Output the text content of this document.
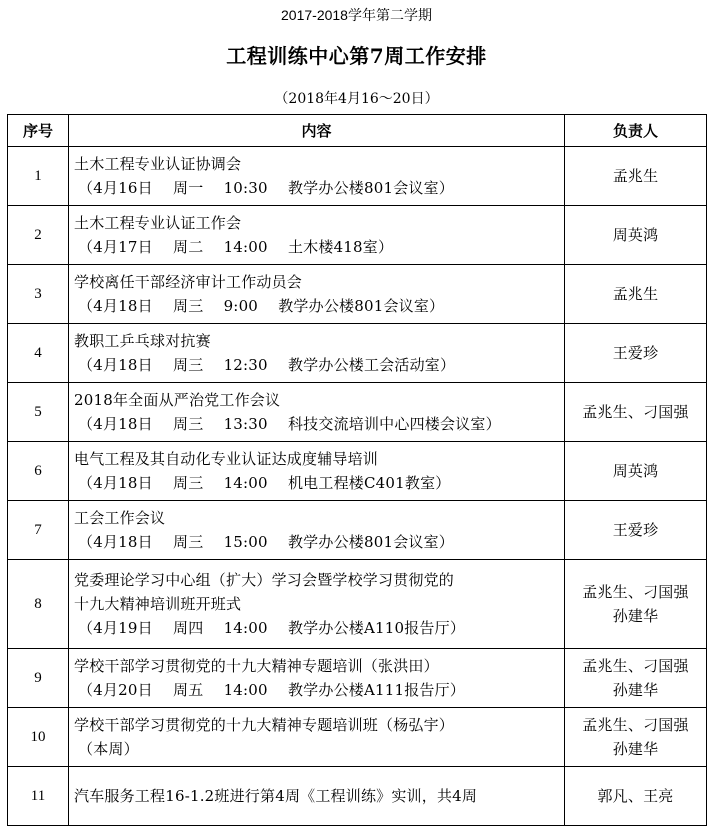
2017-2018学年第二学期
工程训练中心第7周工作安排
（2018年4月16～20日）
序号	内容	负责人
1	土木工程专业认证协调会
（4月16日　 周一　 10:30　 教学办公楼801会议室）	孟兆生

2	土木工程专业认证工作会
（4月17日　 周二　 14:00　 土木楼418室）	周英鸿

3	学校离任干部经济审计工作动员会
（4月18日　 周三　 9:00　 教学办公楼801会议室）	孟兆生

4	教职工乒乓球对抗赛
（4月18日　 周三　 12:30　 教学办公楼工会活动室）	王爱珍

5	2018年全面从严治党工作会议
（4月18日　 周三　 13:30　 科技交流培训中心四楼会议室）	孟兆生、刁国强

6	电气工程及其自动化专业认证达成度辅导培训
（4月18日　 周三　 14:00　 机电工程楼C401教室）	周英鸿

7	工会工作会议
（4月18日　 周三　 15:00　 教学办公楼801会议室）	王爱珍

8	党委理论学习中心组（扩大）学习会暨学校学习贯彻党的
十九大精神培训班开班式
（4月19日　 周四　 14:00　 教学办公楼A110报告厅）	孟兆生、刁国强
孙建华

9	学校干部学习贯彻党的十九大精神专题培训（张洪田）
（4月20日　 周五　 14:00　 教学办公楼A111报告厅）	孟兆生、刁国强
孙建华

10	学校干部学习贯彻党的十九大精神专题培训班（杨弘宇）
（本周）	孟兆生、刁国强
孙建华

11	汽车服务工程16-1.2班进行第4周《工程训练》实训，共4周	郭凡、王亮
